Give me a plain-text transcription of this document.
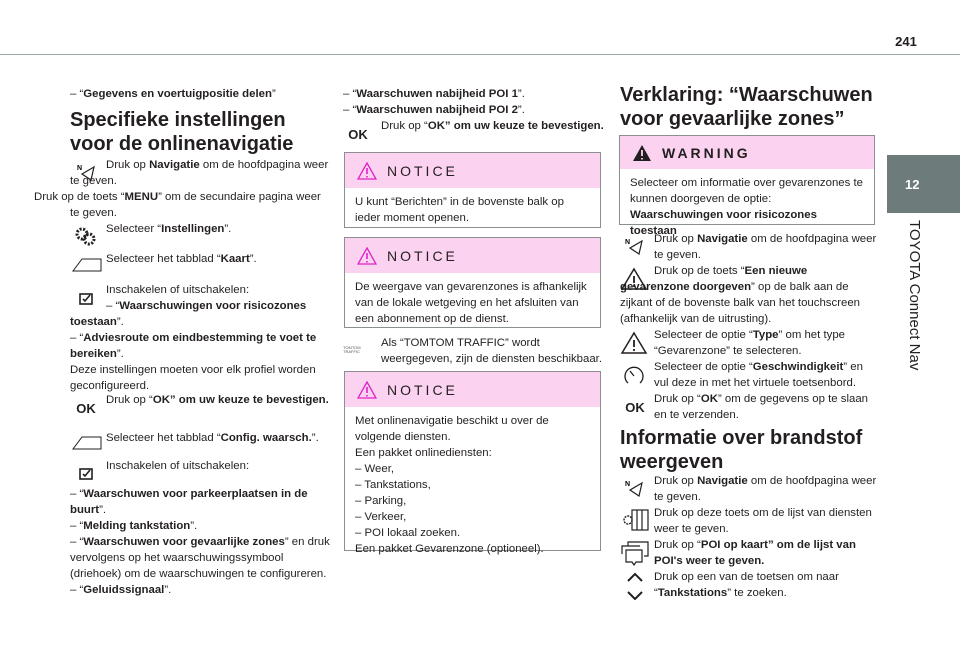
241
12
TOYOTA Connect Nav
– “Gegevens en voertuigpositie delen”
Specifieke instellingen voor de onlinenavigatie
N	Druk op Navigatie om de hoofdpagina weer te geven.
Druk op de toets “MENU” om de secundaire pagina weer te geven.
Selecteer “Instellingen”.
Selecteer het tabblad “Kaart”.
Inschakelen of uitschakelen:
– “Waarschuwingen voor risicozones toestaan”.
– “Adviesroute om eindbestemming te voet te bereiken”.
Deze instellingen moeten voor elk profiel worden geconfigureerd.
OK
Druk op “OK” om uw keuze te bevestigen.
Selecteer het tabblad “Config. waarsch.”.
Inschakelen of uitschakelen:
– “Waarschuwen voor parkeerplaatsen in de buurt”.
– “Melding tankstation”.
– “Waarschuwen voor gevaarlijke zones” en druk vervolgens op het waarschuwingssymbool (driehoek) om de waarschuwingen te configureren.
– “Geluidssignaal”.
– “Waarschuwen nabijheid POI 1”.
– “Waarschuwen nabijheid POI 2”.
OK
Druk op “OK” om uw keuze te bevestigen.
NOTICE
U kunt “Berichten” in de bovenste balk op ieder moment openen.
NOTICE
De weergave van gevarenzones is afhankelijk van de lokale wetgeving en het afsluiten van een abonnement op de dienst.
TOMTOM TRAFFIC
Als “TOMTOM TRAFFIC” wordt weergegeven, zijn de diensten beschikbaar.
NOTICE
Met onlinenavigatie beschikt u over de volgende diensten.
Een pakket onlinediensten:
– Weer,
– Tankstations,
– Parking,
– Verkeer,
– POI lokaal zoeken.
Een pakket Gevarenzone (optioneel).
Verklaring: “Waarschuwen voor gevaarlijke zones”
WARNING
Selecteer om informatie over gevarenzones te kunnen doorgeven de optie: Waarschuwingen voor risicozones toestaan
N Druk op Navigatie om de hoofdpagina weer te geven.
Druk op de toets “Een nieuwe gevarenzone doorgeven” op de balk aan de zijkant of de bovenste balk van het touchscreen (afhankelijk van de uitrusting).
Selecteer de optie “Type” om het type “Gevarenzone” te selecteren.
Selecteer de optie “Geschwindigkeit” en vul deze in met het virtuele toetsenbord.
OK
Druk op “OK” om de gegevens op te slaan en te verzenden.
Informatie over brandstof weergeven
N Druk op Navigatie om de hoofdpagina weer te geven.
Druk op deze toets om de lijst van diensten weer te geven.
Druk op “POI op kaart” om de lijst van POI's weer te geven.
Druk op een van de toetsen om naar “Tankstations” te zoeken.
